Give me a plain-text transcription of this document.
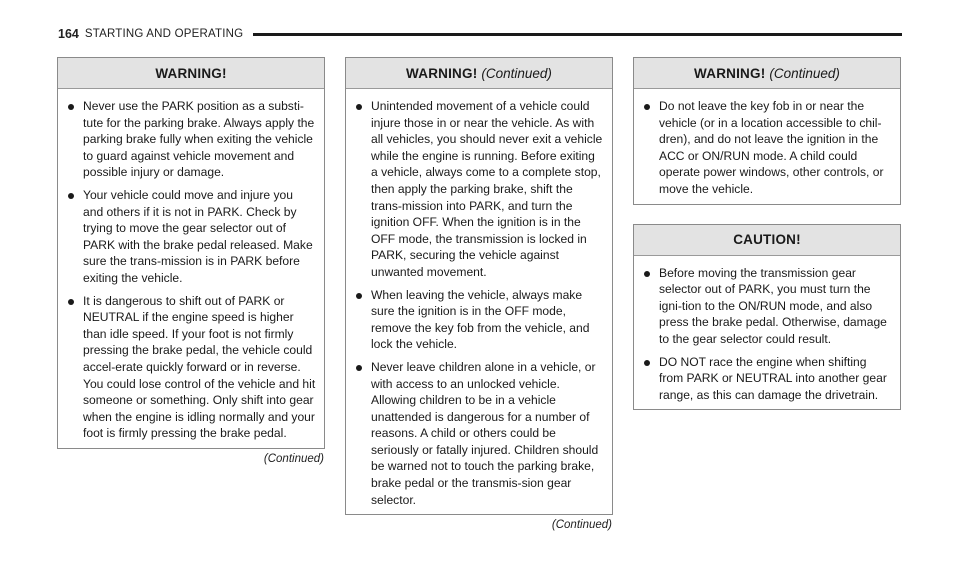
164 STARTING AND OPERATING
WARNING!
Never use the PARK position as a substi-tute for the parking brake. Always apply the parking brake fully when exiting the vehicle to guard against vehicle movement and possible injury or damage.
Your vehicle could move and injure you and others if it is not in PARK. Check by trying to move the gear selector out of PARK with the brake pedal released. Make sure the trans-mission is in PARK before exiting the vehicle.
It is dangerous to shift out of PARK or NEUTRAL if the engine speed is higher than idle speed. If your foot is not firmly pressing the brake pedal, the vehicle could accel-erate quickly forward or in reverse. You could lose control of the vehicle and hit someone or something. Only shift into gear when the engine is idling normally and your foot is firmly pressing the brake pedal.
(Continued)
WARNING! (Continued)
Unintended movement of a vehicle could injure those in or near the vehicle. As with all vehicles, you should never exit a vehicle while the engine is running. Before exiting a vehicle, always come to a complete stop, then apply the parking brake, shift the trans-mission into PARK, and turn the ignition OFF. When the ignition is in the OFF mode, the transmission is locked in PARK, securing the vehicle against unwanted movement.
When leaving the vehicle, always make sure the ignition is in the OFF mode, remove the key fob from the vehicle, and lock the vehicle.
Never leave children alone in a vehicle, or with access to an unlocked vehicle. Allowing children to be in a vehicle unattended is dangerous for a number of reasons. A child or others could be seriously or fatally injured. Children should be warned not to touch the parking brake, brake pedal or the transmis-sion gear selector.
(Continued)
WARNING! (Continued)
Do not leave the key fob in or near the vehicle (or in a location accessible to chil-dren), and do not leave the ignition in the ACC or ON/RUN mode. A child could operate power windows, other controls, or move the vehicle.
CAUTION!
Before moving the transmission gear selector out of PARK, you must turn the igni-tion to the ON/RUN mode, and also press the brake pedal. Otherwise, damage to the gear selector could result.
DO NOT race the engine when shifting from PARK or NEUTRAL into another gear range, as this can damage the drivetrain.
